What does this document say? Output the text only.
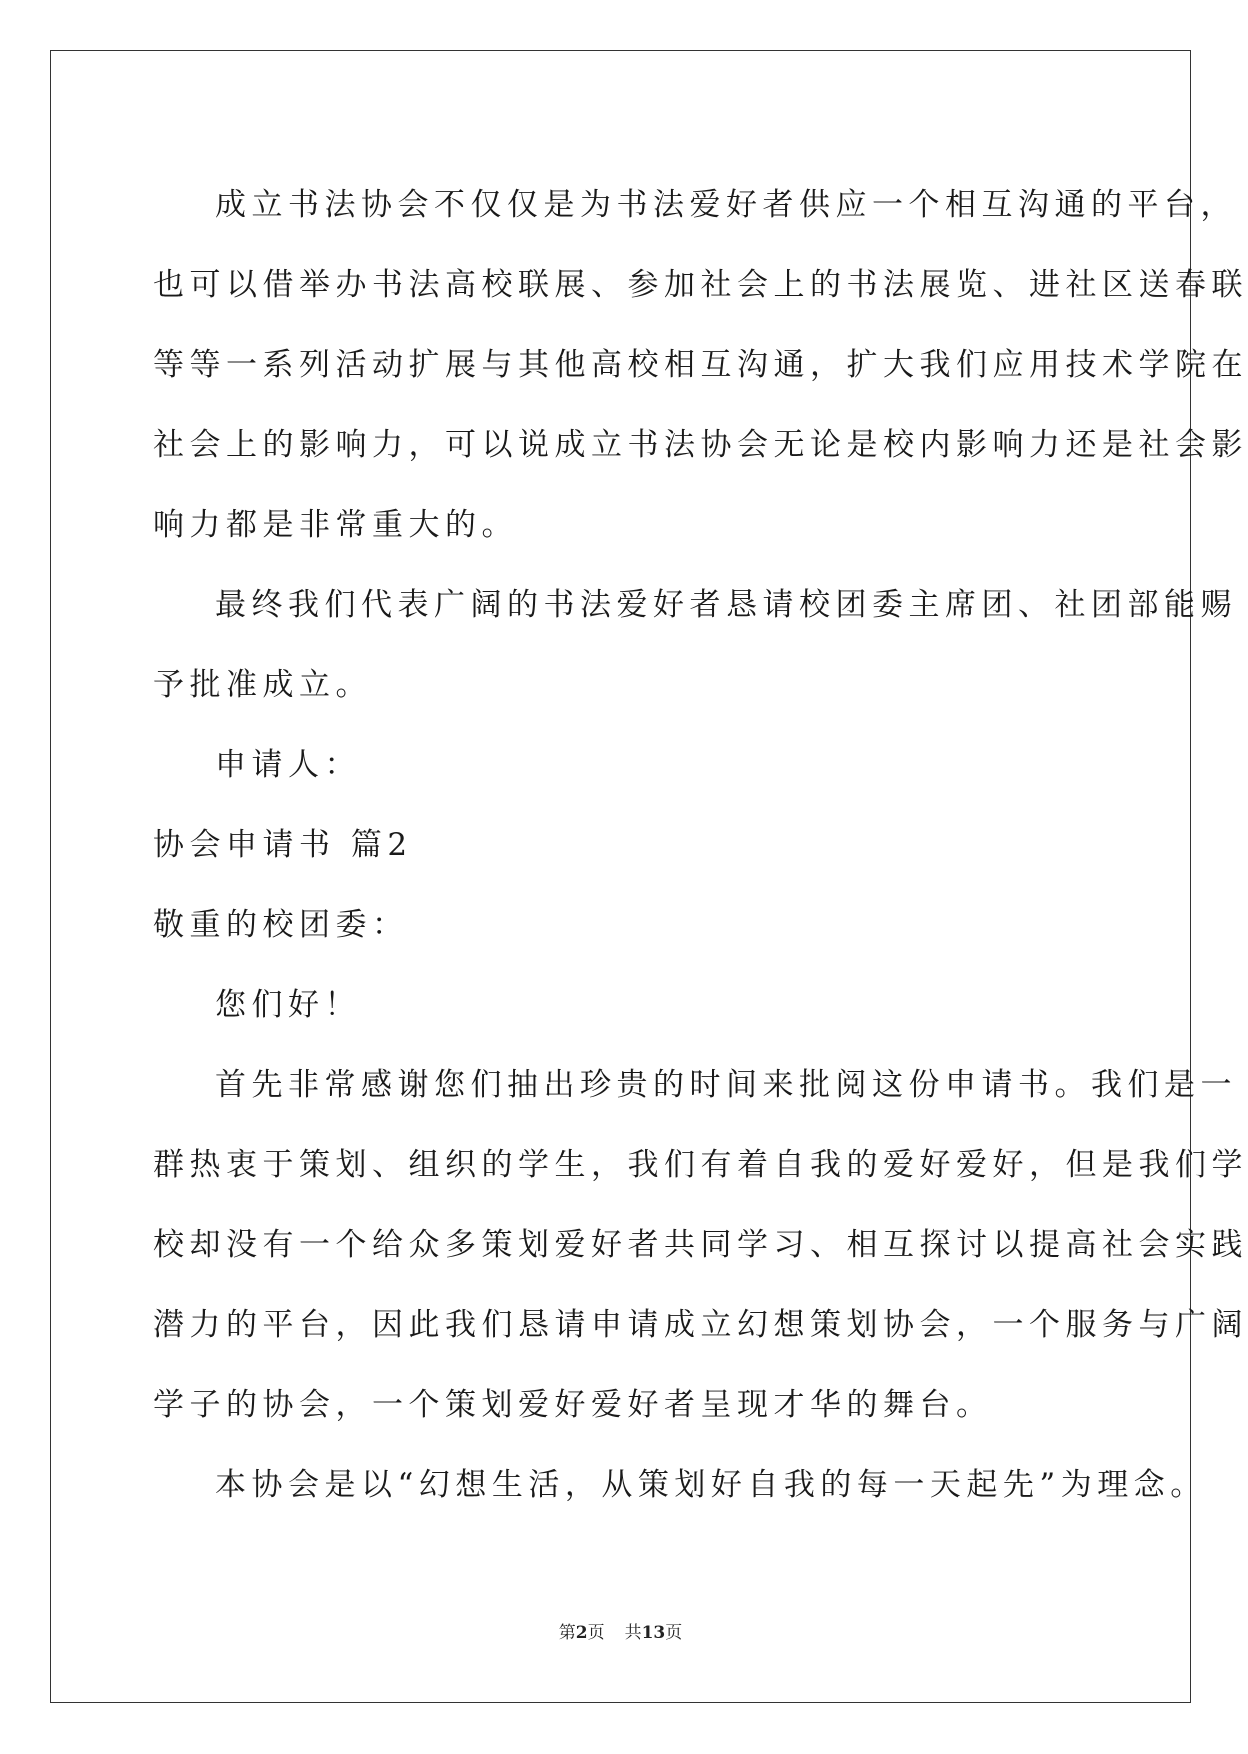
成立书法协会不仅仅是为书法爱好者供应一个相互沟通的平台，
也可以借举办书法高校联展、参加社会上的书法展览、进社区送春联
等等一系列活动扩展与其他高校相互沟通，扩大我们应用技术学院在
社会上的影响力，可以说成立书法协会无论是校内影响力还是社会影
响力都是非常重大的。
最终我们代表广阔的书法爱好者恳请校团委主席团、社团部能赐
予批准成立。
申请人：
协会申请书 篇2
敬重的校团委：
您们好！
首先非常感谢您们抽出珍贵的时间来批阅这份申请书。我们是一
群热衷于策划、组织的学生，我们有着自我的爱好爱好，但是我们学
校却没有一个给众多策划爱好者共同学习、相互探讨以提高社会实践
潜力的平台，因此我们恳请申请成立幻想策划协会，一个服务与广阔
学子的协会，一个策划爱好爱好者呈现才华的舞台。
本协会是以“幻想生活，从策划好自我的每一天起先”为理念。
第2页 共13页
